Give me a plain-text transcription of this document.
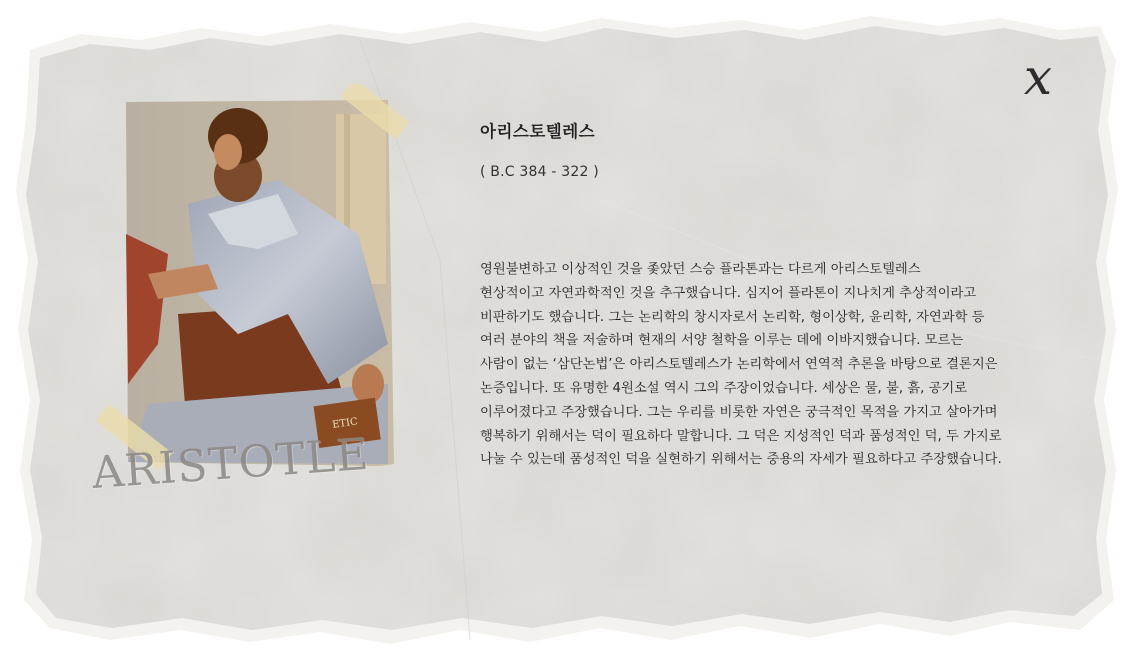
ETIC
ARISTOTLE
x
아리스토텔레스
( B.C 384 - 322 )
영원불변하고 이상적인 것을 좇았던 스승 플라톤과는 다르게 아리스토텔레스
현상적이고 자연과학적인 것을 추구했습니다. 심지어 플라톤이 지나치게 추상적이라고
비판하기도 했습니다. 그는 논리학의 창시자로서 논리학, 형이상학, 윤리학, 자연과학 등
여러 분야의 책을 저술하며 현재의 서양 철학을 이루는 데에 이바지했습니다. 모르는
사람이 없는 ‘삼단논법’은 아리스토텔레스가 논리학에서 연역적 추론을 바탕으로 결론지은
논증입니다. 또 유명한 4원소설 역시 그의 주장이었습니다. 세상은 물, 불, 흙, 공기로
이루어졌다고 주장했습니다. 그는 우리를 비롯한 자연은 궁극적인 목적을 가지고 살아가며
행복하기 위해서는 덕이 필요하다 말합니다. 그 덕은 지성적인 덕과 품성적인 덕, 두 가지로
나눌 수 있는데 품성적인 덕을 실현하기 위해서는 중용의 자세가 필요하다고 주장했습니다.
